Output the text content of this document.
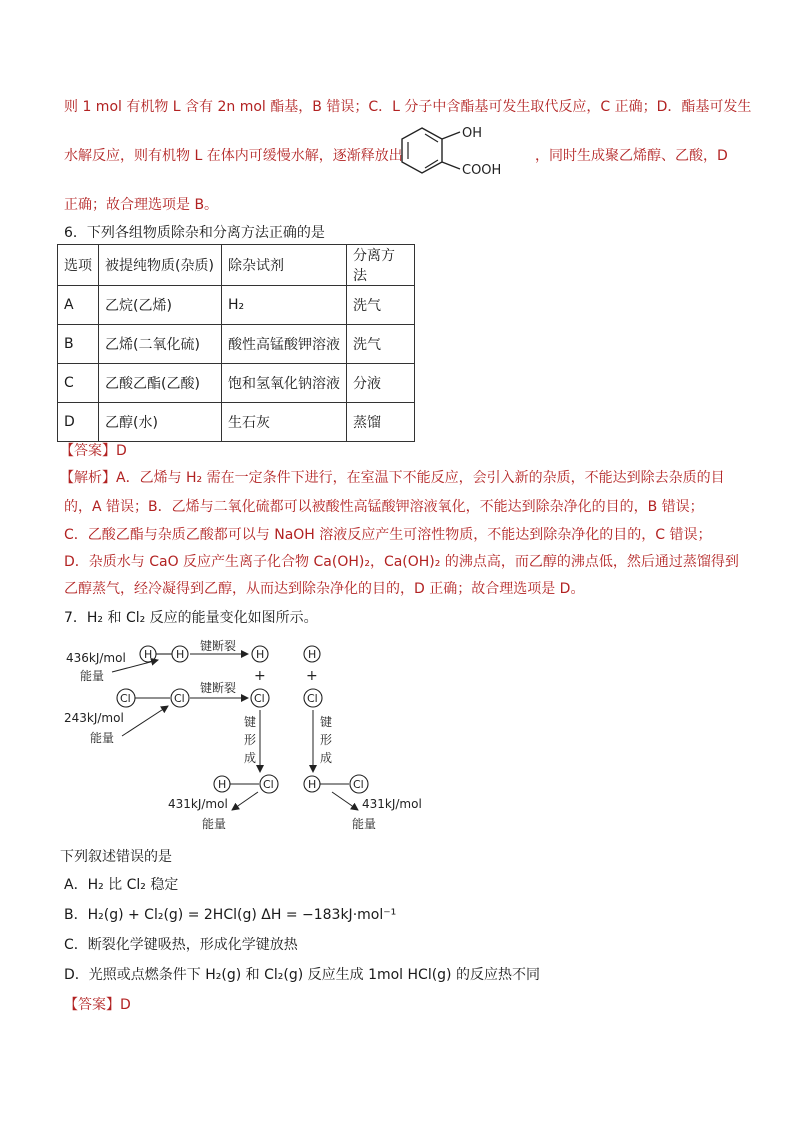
则 1 mol 有机物 L 含有 2n mol 酯基，B 错误；C．L 分子中含酯基可发生取代反应，C 正确；D．酯基可发生
水解反应，则有机物 L 在体内可缓慢水解，逐渐释放出
OH
COOH
，同时生成聚乙烯醇、乙酸，D
正确；故合理选项是 B。
6．下列各组物质除杂和分离方法正确的是
选项	被提纯物质(杂质)	除杂试剂	分离方法
A	乙烷(乙烯)	H₂	洗气
B	乙烯(二氧化硫)	酸性高锰酸钾溶液	洗气
C	乙酸乙酯(乙酸)	饱和氢氧化钠溶液	分液
D	乙醇(水)	生石灰	蒸馏
【答案】D
【解析】A．乙烯与 H₂ 需在一定条件下进行，在室温下不能反应，会引入新的杂质，不能达到除去杂质的目
的，A 错误；B．乙烯与二氧化硫都可以被酸性高锰酸钾溶液氧化，不能达到除杂净化的目的，B 错误；
C．乙酸乙酯与杂质乙酸都可以与 NaOH 溶液反应产生可溶性物质，不能达到除杂净化的目的，C 错误；
D．杂质水与 CaO 反应产生离子化合物 Ca(OH)₂，Ca(OH)₂ 的沸点高，而乙醇的沸点低，然后通过蒸馏得到
乙醇蒸气，经冷凝得到乙醇，从而达到除杂净化的目的，D 正确；故合理选项是 D。
7．H₂ 和 Cl₂ 反应的能量变化如图所示。
436kJ/mol
能量
H H
键断裂
H
+
Cl	Cl
键断裂
Cl
243kJ/mol
能量
H
+
Cl
键
形
成
键
形
成
H	Cl
431kJ/mol
能量
H	Cl
431kJ/mol
能量
下列叙述错误的是
A．H₂ 比 Cl₂ 稳定
B．H₂(g) + Cl₂(g) = 2HCl(g) ΔH = −183kJ·mol⁻¹
C．断裂化学键吸热，形成化学键放热
D．光照或点燃条件下 H₂(g) 和 Cl₂(g) 反应生成 1mol HCl(g) 的反应热不同
【答案】D
